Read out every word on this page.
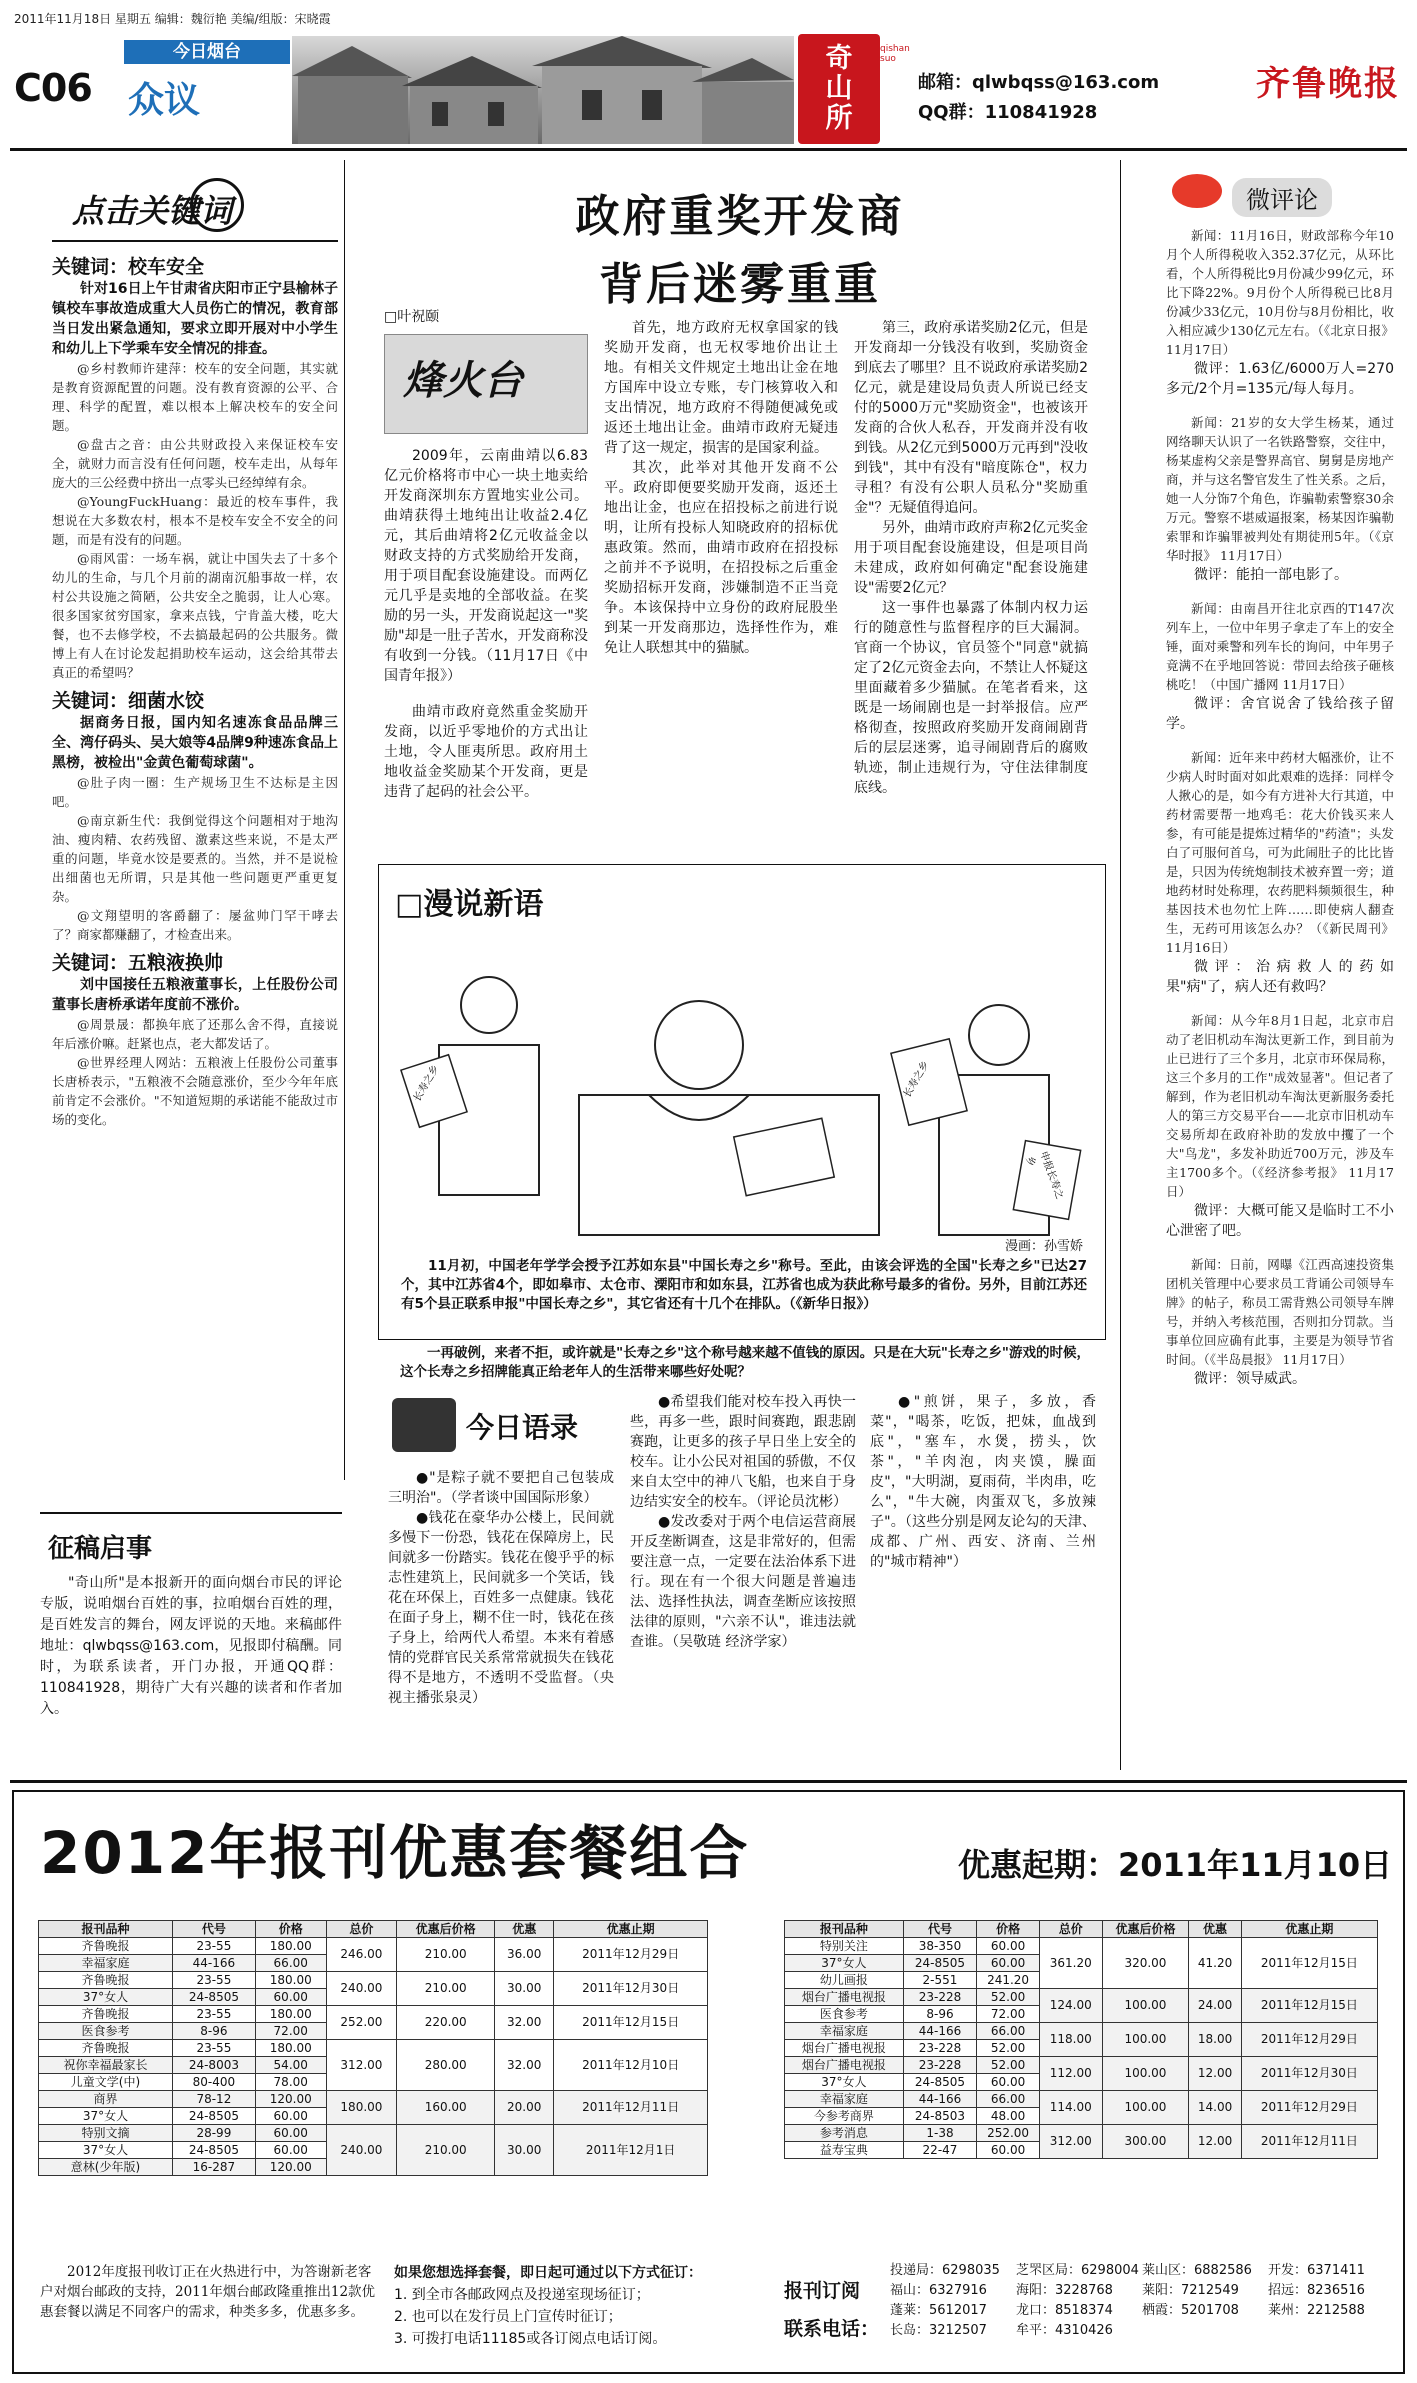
2011年11月18日 星期五 编辑：魏衍艳 美编/组版：宋晓霞
C06
今日烟台
众议
奇山所
qishan suo
邮箱：qlwbqss@163.com
QQ群：110841928
齐鲁晚报
点击关键词
关键词：校车安全
针对16日上午甘肃省庆阳市正宁县榆林子镇校车事故造成重大人员伤亡的情况，教育部当日发出紧急通知，要求立即开展对中小学生和幼儿上下学乘车安全情况的排查。
@乡村教师许建萍：校车的安全问题，其实就是教育资源配置的问题。没有教育资源的公平、合理、科学的配置，难以根本上解决校车的安全问题。
@盘古之音：由公共财政投入来保证校车安全，就财力而言没有任何问题，校车走出，从每年庞大的三公经费中挤出一点零头已经绰绰有余。
@YoungFuckHuang：最近的校车事件，我想说在大多数农村，根本不是校车安全不安全的问题，而是有没有的问题。
@雨风雷：一场车祸，就让中国失去了十多个幼儿的生命，与几个月前的湖南沉船事故一样，农村公共设施之简陋，公共安全之脆弱，让人心寒。很多国家贫穷国家，拿来点钱，宁肯盖大楼，吃大餐，也不去修学校，不去搞最起码的公共服务。微博上有人在讨论发起捐助校车运动，这会给其带去真正的希望吗？
关键词：细菌水饺
据商务日报，国内知名速冻食品品牌三全、湾仔码头、吴大娘等4品牌9种速冻食品上黑榜，被检出"金黄色葡萄球菌"。
@肚子肉一圈：生产规场卫生不达标是主因吧。
@南京新生代：我倒觉得这个问题相对于地沟油、瘦肉精、农药残留、激素这些来说，不是太严重的问题，毕竟水饺是要煮的。当然，并不是说检出细菌也无所谓，只是其他一些问题更严重更复杂。
@文翔望明的客爵翻了：屡盆帅门罕干哮去了？商家都赚翻了，才检查出来。
关键词：五粮液换帅
刘中国接任五粮液董事长，上任股份公司董事长唐桥承诺年度前不涨价。
@周景晟：都换年底了还那么舍不得，直接说年后涨价嘛。赶紧也点，老大都发话了。
@世界经理人网站：五粮液上任股份公司董事长唐桥表示，"五粮液不会随意涨价，至少今年年底前肯定不会涨价。"不知道短期的承诺能不能敌过市场的变化。
征稿启事
"奇山所"是本报新开的面向烟台市民的评论专版，说咱烟台百姓的事，拉咱烟台百姓的理，是百姓发言的舞台，网友评说的天地。来稿邮件地址：qlwbqss@163.com，见报即付稿酬。同时，为联系读者，开门办报，开通QQ群：110841928，期待广大有兴趣的读者和作者加入。
政府重奖开发商
背后迷雾重重
□叶祝颐
烽火台
2009年，云南曲靖以6.83亿元价格将市中心一块土地卖给开发商深圳东方置地实业公司。曲靖获得土地纯出让收益2.4亿元，其后曲靖将2亿元收益金以财政支持的方式奖励给开发商，用于项目配套设施建设。而两亿元几乎是卖地的全部收益。在奖励的另一头，开发商说起这一"奖励"却是一肚子苦水，开发商称没有收到一分钱。（11月17日《中国青年报》）
曲靖市政府竟然重金奖励开发商，以近乎零地价的方式出让土地，令人匪夷所思。政府用土地收益金奖励某个开发商，更是违背了起码的社会公平。
首先，地方政府无权拿国家的钱奖励开发商，也无权零地价出让土地。有相关文件规定土地出让金在地方国库中设立专账，专门核算收入和支出情况，地方政府不得随便减免或返还土地出让金。曲靖市政府无疑违背了这一规定，损害的是国家利益。
其次，此举对其他开发商不公平。政府即便要奖励开发商，返还土地出让金，也应在招投标之前进行说明，让所有投标人知晓政府的招标优惠政策。然而，曲靖市政府在招投标之前并不予说明，在招投标之后重金奖励招标开发商，涉嫌制造不正当竞争。本该保持中立身份的政府屁股坐到某一开发商那边，选择性作为，难免让人联想其中的猫腻。
第三，政府承诺奖励2亿元，但是开发商却一分钱没有收到，奖励资金到底去了哪里？且不说政府承诺奖励2亿元，就是建设局负责人所说已经支付的5000万元"奖励资金"，也被该开发商的合伙人私吞，开发商并没有收到钱。从2亿元到5000万元再到"没收到钱"，其中有没有"暗度陈仓"，权力寻租？有没有公职人员私分"奖励重金"？无疑值得追问。
另外，曲靖市政府声称2亿元奖金用于项目配套设施建设，但是项目尚未建成，政府如何确定"配套设施建设"需要2亿元？
这一事件也暴露了体制内权力运行的随意性与监督程序的巨大漏洞。官商一个协议，官员签个"同意"就搞定了2亿元资金去向，不禁让人怀疑这里面藏着多少猫腻。在笔者看来，这既是一场闹剧也是一封举报信。应严格彻查，按照政府奖励开发商闹剧背后的层层迷雾，追寻闹剧背后的腐败轨迹，制止违规行为，守住法律制度底线。
□漫说新语
长寿之乡	长寿之乡
申报长寿之乡
漫画：孙雪娇
11月初，中国老年学学会授予江苏如东县"中国长寿之乡"称号。至此，由该会评选的全国"长寿之乡"已达27个，其中江苏省4个，即如皋市、太仓市、溧阳市和如东县，江苏省也成为获此称号最多的省份。另外，目前江苏还有5个县正联系申报"中国长寿之乡"，其它省还有十几个在排队。（《新华日报》）
一再破例，来者不拒，或许就是"长寿之乡"这个称号越来越不值钱的原因。只是在大玩"长寿之乡"游戏的时候，这个长寿之乡招牌能真正给老年人的生活带来哪些好处呢？
今日语录
●"是粽子就不要把自己包装成三明治"。（学者谈中国国际形象）
●钱花在豪华办公楼上，民间就多慢下一份恐，钱花在保障房上，民间就多一份踏实。钱花在傻乎乎的标志性建筑上，民间就多一个笑话，钱花在环保上，百姓多一点健康。钱花在面子身上，糊不住一时，钱花在孩子身上，给两代人希望。本来有着感情的党群官民关系常常就损失在钱花得不是地方，不透明不受监督。（央视主播张泉灵）
●希望我们能对校车投入再快一些，再多一些，跟时间赛跑，跟悲剧赛跑，让更多的孩子早日坐上安全的校车。让小公民对祖国的骄傲，不仅来自太空中的神八飞船，也来自于身边结实安全的校车。（评论员沈彬）
●发改委对于两个电信运营商展开反垄断调查，这是非常好的，但需要注意一点，一定要在法治体系下进行。现在有一个很大问题是普遍违法、选择性执法，调查垄断应该按照法律的原则，"六亲不认"，谁违法就查谁。（吴敬琏 经济学家）
●"煎饼，果子，多放，香菜"，"喝茶，吃饭，把妹，血战到底"，"塞车，水煲，捞头，饮茶"，"羊肉泡，肉夹馍，臊面皮"，"大明湖，夏雨荷，半肉串，吃么"，"牛大碗，肉蛋双飞，多放辣子"。（这些分别是网友论勾的天津、成都、广州、西安、济南、兰州的"城市精神"）
微评论
新闻：11月16日，财政部称今年10月个人所得税收入352.37亿元，从环比看，个人所得税比9月份减少99亿元，环比下降22%。9月份个人所得税已比8月份减少33亿元，10月份与8月份相比，收入相应减少130亿元左右。（《北京日报》 11月17日）
微评：1.63亿/6000万人=270多元/2个月=135元/每人每月。
新闻：21岁的女大学生杨某，通过网络聊天认识了一名铁路警察，交往中，杨某虚构父亲是警界高官、舅舅是房地产商，并与这名警官发生了性关系。之后，她一人分饰7个角色，诈骗勒索警察30余万元。警察不堪威逼报案，杨某因诈骗勒索罪和诈骗罪被判处有期徒刑5年。（《京华时报》 11月17日）
微评：能拍一部电影了。
新闻：由南昌开往北京西的T147次列车上，一位中年男子拿走了车上的安全锤，面对乘警和列车长的询问，中年男子竟满不在乎地回答说：带回去给孩子砸核桃吃！（中国广播网 11月17日）
微评：舍官说舍了钱给孩子留学。
新闻：近年来中药材大幅涨价，让不少病人时时面对如此艰难的选择：同样令人揪心的是，如今有方进补大行其道，中药材需要帮一地鸡毛：花大价钱买来人参，有可能是提炼过精华的"药渣"；头发白了可服何首乌，可为此闹肚子的比比皆是，只因为传统炮制技术被弃置一旁；道地药材时处称理，农药肥料频频很生，种基因技术也勿忙上阵……即使病人翻查生，无药可用该怎么办？（《新民周刊》 11月16日）
微评：治病救人的药如果"病"了，病人还有救吗？
新闻：从今年8月1日起，北京市启动了老旧机动车淘汰更新工作，到目前为止已进行了三个多月，北京市环保局称，这三个多月的工作"成效显著"。但记者了解到，作为老旧机动车淘汰更新服务委托人的第三方交易平台——北京市旧机动车交易所却在政府补助的发放中攫了一个大"鸟龙"，多发补助近700万元，涉及车主1700多个。（《经济参考报》 11月17日）
微评：大概可能又是临时工不小心泄密了吧。
新闻：日前，网曝《江西高速投资集团机关管理中心要求员工背诵公司领导车牌》的帖子，称员工需背熟公司领导车牌号，并纳入考核范围，否则扣分罚款。当事单位回应确有此事，主要是为领导节省时间。（《半岛晨报》 11月17日）
微评：领导威武。
2012年报刊优惠套餐组合	优惠起期：2011年11月10日
报刊品种	代号	价格	总价	优惠后价格	优惠	优惠止期
齐鲁晚报	23-55	180.00	246.00	210.00	36.00	2011年12月29日
幸福家庭	44-166	66.00				
齐鲁晚报	23-55	180.00	240.00	210.00	30.00	2011年12月30日
37°女人	24-8505	60.00				
齐鲁晚报	23-55	180.00	252.00	220.00	32.00	2011年12月15日
医食参考	8-96	72.00				
齐鲁晚报	23-55	180.00	312.00	280.00	32.00	2011年12月10日
祝你幸福最家长	24-8003	54.00				
儿童文学(中)	80-400	78.00				
商界	78-12	120.00	180.00	160.00	20.00	2011年12月11日
37°女人	24-8505	60.00				
特别文摘	28-99	60.00	240.00	210.00	30.00	2011年12月1日
37°女人	24-8505	60.00				
意林(少年版)	16-287	120.00				
报刊品种	代号	价格	总价	优惠后价格	优惠	优惠止期
特别关注	38-350	60.00	361.20	320.00	41.20	2011年12月15日
37°女人	24-8505	60.00				
幼儿画报	2-551	241.20				
烟台广播电视报	23-228	52.00	124.00	100.00	24.00	2011年12月15日
医食参考	8-96	72.00				
幸福家庭	44-166	66.00	118.00	100.00	18.00	2011年12月29日
烟台广播电视报	23-228	52.00				
烟台广播电视报	23-228	52.00	112.00	100.00	12.00	2011年12月30日
37°女人	24-8505	60.00				
幸福家庭	44-166	66.00	114.00	100.00	14.00	2011年12月29日
今参考商界	24-8503	48.00				
参考消息	1-38	252.00	312.00	300.00	12.00	2011年12月11日
益寿宝典	22-47	60.00				
2012年度报刊收订正在火热进行中，为答谢新老客户对烟台邮政的支持，2011年烟台邮政隆重推出12款优惠套餐以满足不同客户的需求，种类多多，优惠多多。
如果您想选择套餐，即日起可通过以下方式征订：
1. 到全市各邮政网点及投递室现场征订；
2. 也可以在发行员上门宣传时征订；
3. 可拨打电话11185或各订阅点电话订阅。
报刊订阅
联系电话：
投递局：6298035	芝罘区局：6298004 莱山区：6882586	开发：6371411
福山：6327916	海阳：3228768	莱阳：7212549	招远：8236516
蓬莱：5612017	龙口：8518374	栖霞：5201708	莱州：2212588
长岛：3212507	牟平：4310426
